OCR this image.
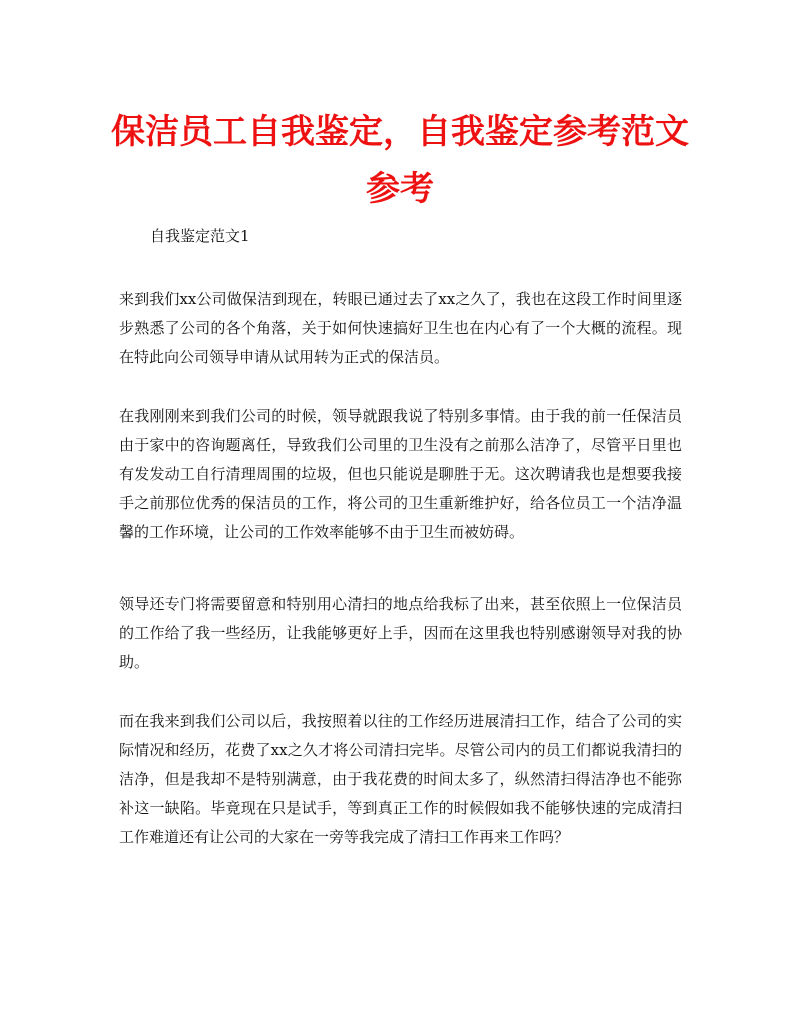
保洁员工自我鉴定，自我鉴定参考范文参考

自我鉴定范文1

来到我们xx公司做保洁到现在，转眼已通过去了xx之久了，我也在这段工作时间里逐步熟悉了公司的各个角落，关于如何快速搞好卫生也在内心有了一个大概的流程。现在特此向公司领导申请从试用转为正式的保洁员。

在我刚刚来到我们公司的时候，领导就跟我说了特别多事情。由于我的前一任保洁员由于家中的咨询题离任，导致我们公司里的卫生没有之前那么洁净了，尽管平日里也有发发动工自行清理周围的垃圾，但也只能说是聊胜于无。这次聘请我也是想要我接手之前那位优秀的保洁员的工作，将公司的卫生重新维护好，给各位员工一个洁净温馨的工作环境，让公司的工作效率能够不由于卫生而被妨碍。

领导还专门将需要留意和特别用心清扫的地点给我标了出来，甚至依照上一位保洁员的工作给了我一些经历，让我能够更好上手，因而在这里我也特别感谢领导对我的协助。

而在我来到我们公司以后，我按照着以往的工作经历进展清扫工作，结合了公司的实际情况和经历，花费了xx之久才将公司清扫完毕。尽管公司内的员工们都说我清扫的洁净，但是我却不是特别满意，由于我花费的时间太多了，纵然清扫得洁净也不能弥补这一缺陷。毕竟现在只是试手，等到真正工作的时候假如我不能够快速的完成清扫工作难道还有让公司的大家在一旁等我完成了清扫工作再来工作吗？
